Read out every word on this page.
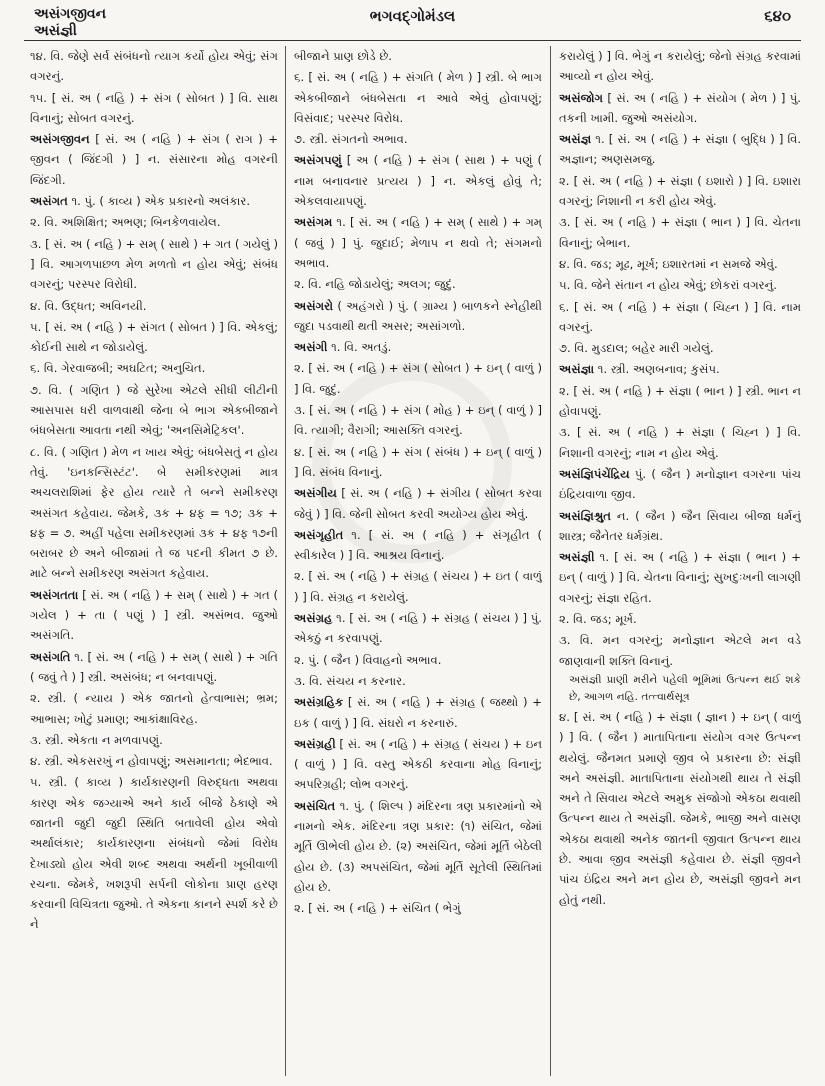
અસંગજીવન
અસંજ્ઞી
ભગવદ્ગોમંડલ	૬૪૦
૧૪. વિ. જેણે સર્વ સંબંધનો ત્યાગ કર્યો હોય એવું; સંગ વગરનું.
૧૫. [ સં. અ ( નહિ ) + સંગ ( સોબત ) ] વિ. સાથ વિનાનું; સોબત વગરનું.
અસંગજીવન [ સં. અ ( નહિ ) + સંગ ( રાગ ) + જીવન ( જિંદગી ) ] ન. સંસારના મોહ વગરની જિંદગી.
અસંગત ૧. પું. ( કાવ્ય ) એક પ્રકારનો અલંકાર.
૨. વિ. અશિક્ષિત; અભણ; બિનકેળવાયેલ.
૩. [ સં. અ ( નહિ ) + સમ્ ( સાથે ) + ગત ( ગયેલું ) ] વિ. આગળપાછળ મેળ મળતો ન હોય એવું; સંબંધ વગરનું; પરસ્પર વિરોધી.
૪. વિ. ઉદ્ધત; અવિનયી.
૫. [ સં. અ ( નહિ ) + સંગત ( સોબત ) ] વિ. એકલું; કોઈની સાથે ન જોડાયેલું.
૬. વિ. ગેરવાજબી; અઘટિત; અનુચિત.
૭. વિ. ( ગણિત ) જે સુરેખા એટલે સીધી લીટીની આસપાસ ધરી વાળવાથી જેના બે ભાગ એકબીજાને બંધબેસતા આવતા નથી એવું; 'અનસિમેટ્રિકલ'.
૮. વિ. ( ગણિત ) મેળ ન ખાય એવું; બંધબેસતું ન હોય તેવું. 'ઇનકન્સિસ્ટંટ'. બે સમીકરણમાં માત્ર અચલરાશિમાં ફેર હોય ત્યારે તે બન્ને સમીકરણ અસંગત કહેવાય. જેમકે, ૩ક + ૪ફ = ૧૭; ૩ક + ૪ફ = ૭. અહીં પહેલા સમીકરણમાં ૩ક + ૪ફ ૧૭ની બરાબર છે અને બીજામાં તે જ પદની કીમત ૭ છે. માટે બન્ને સમીકરણ અસંગત કહેવાય.
અસંગતતા [ સં. અ ( નહિ ) + સમ્ ( સાથે ) + ગત ( ગયેલ ) + તા ( પણું ) ] સ્ત્રી. અસંભવ. જુઓ અસંગતિ.
અસંગતિ ૧. [ સં. અ ( નહિ ) + સમ્ ( સાથે ) + ગતિ ( જવું તે ) ] સ્ત્રી. અસંબંધ; ન બનવાપણું.
૨. સ્ત્રી. ( ન્યાય ) એક જાતનો હેત્વાભાસ; ભ્રમ; આભાસ; ખોટું પ્રમાણ; આકાંક્ષાવિરહ.
૩. સ્ત્રી. એકતા ન મળવાપણું.
૪. સ્ત્રી. એકસરખું ન હોવાપણું; અસમાનતા; ભેદભાવ.
૫. સ્ત્રી. ( કાવ્ય ) કાર્યકારણની વિરુદ્ધતા અથવા કારણ એક જગ્યાએ અને કાર્ય બીજે ઠેકાણે એ જાતની જુદી જુદી સ્થિતિ બતાવેલી હોય એવો અર્થાલંકાર; કાર્યકારણના સંબંધનો જેમાં વિરોધ દેખાડ્યો હોય એવી શબ્દ અથવા અર્થની ખૂબીવાળી રચના. જેમકે, ખશરૂપી સર્પની લોકોના પ્રાણ હરણ કરવાની વિચિત્રતા જુઓ. તે એકના કાનને સ્પર્શ કરે છે ને
બીજાને પ્રાણ છોડે છે.
૬. [ સં. અ ( નહિ ) + સંગતિ ( મેળ ) ] સ્ત્રી. બે ભાગ એકબીજાને બંધબેસતા ન આવે એવું હોવાપણું; વિસંવાદ; પરસ્પર વિરોધ.
૭. સ્ત્રી. સંગતનો અભાવ.
અસંગપણું [ અ ( નહિ ) + સંગ ( સાથ ) + પણું ( નામ બનાવનાર પ્રત્યય ) ] ન. એકલું હોવું તે; એકલવાયાપણું.
અસંગમ ૧. [ સં. અ ( નહિ ) + સમ્ ( સાથે ) + ગમ્ ( જવું ) ] પું. જુદાઈ; મેળાપ ન થવો તે; સંગમનો અભાવ.
૨. વિ. નહિ જોડાયેલું; અલગ; જુદું.
અસંગરો ( અહંગરો ) પું. ( ગ્રામ્ય ) બાળકને સ્નેહીથી જુદા પડવાથી થતી અસર; અસાંગળો.
અસંગી ૧. વિ. અતડું.
૨. [ સં. અ ( નહિ ) + સંગ ( સોબત ) + ઇન્ ( વાળું ) ] વિ. જુદું.
૩. [ સં. અ ( નહિ ) + સંગ ( મોહ ) + ઇન્ ( વાળું ) ] વિ. ત્યાગી; વૈરાગી; આસક્તિ વગરનું.
૪. [ સં. અ ( નહિ ) + સંગ ( સંબંધ ) + ઇન્ ( વાળું ) ] વિ. સંબંધ વિનાનું.
અસંગીય [ સં. અ ( નહિ ) + સંગીય ( સોબત કરવા જેવું ) ] વિ. જેની સોબત કરવી અયોગ્ય હોય એવું.
અસંગૃહીત ૧. [ સં. અ ( નહિ ) + સંગૃહીત ( સ્વીકારેલ ) ] વિ. આશ્રય વિનાનું.
૨. [ સં. અ ( નહિ ) + સંગ્રહ ( સંચય ) + ઇત ( વાળું ) ] વિ. સંગ્રહ ન કરાયેલું.
અસંગ્રહ ૧. [ સં. અ ( નહિ ) + સંગ્રહ ( સંચય ) ] પું. એકઠું ન કરવાપણું.
૨. પું. ( જૈન ) વિવાહનો અભાવ.
૩. વિ. સંચય ન કરનાર.
અસંગ્રહિક [ સં. અ ( નહિ ) + સંગ્રહ ( જથ્થો ) + ઇક ( વાળું ) ] વિ. સંઘરો ન કરનારું.
અસંગ્રહી [ સં. અ ( નહિ ) + સંગ્રહ ( સંચય ) + ઇન ( વાળું ) ] વિ. વસ્તુ એકઠી કરવાના મોહ વિનાનું; અપરિગ્રહી; લોભ વગરનું.
અસંચિત ૧. પું. ( શિલ્પ ) મંદિરના ત્રણ પ્રકારમાંનો એ નામનો એક. મંદિરના ત્રણ પ્રકાર: (૧) સંચિત, જેમાં મૂર્તિ ઊભેલી હોય છે. (૨) અસંચિત, જેમાં મૂર્તિ બેઠેલી હોય છે. (૩) અપસંચિત, જેમાં મૂર્તિ સૂતેલી સ્થિતિમાં હોય છે.
૨. [ સં. અ ( નહિ ) + સંચિત ( ભેગું
કરાયેલું ) ] વિ. ભેગું ન કરાયેલું; જેનો સંગ્રહ કરવામાં આવ્યો ન હોય એવું.
અસંજોગ [ સં. અ ( નહિ ) + સંયોગ ( મેળ ) ] પું. તકની ખામી. જુઓ અસંયોગ.
અસંજ્ઞ ૧. [ સં. અ ( નહિ ) + સંજ્ઞા ( બુદ્ધિ ) ] વિ. અજ્ઞાન; અણસમજુ.
૨. [ સં. અ ( નહિ ) + સંજ્ઞા ( ઇશારો ) ] વિ. ઇશારા વગરનું; નિશાની ન કરી હોય એવું.
૩. [ સં. અ ( નહિ ) + સંજ્ઞા ( ભાન ) ] વિ. ચેતના વિનાનું; બેભાન.
૪. વિ. જડ; મૂઢ, મૂર્ખ; ઇશારતમાં ન સમજે એવું.
૫. વિ. જેને સંતાન ન હોય એવું; છોકરાં વગરનું.
૬. [ સં. અ ( નહિ ) + સંજ્ઞા ( ચિહ્ન ) ] વિ. નામ વગરનું.
૭. વિ. મુડદાલ; બહેર મારી ગયેલું.
અસંજ્ઞા ૧. સ્ત્રી. અણબનાવ; કુસંપ.
૨. [ સં. અ ( નહિ ) + સંજ્ઞા ( ભાન ) ] સ્ત્રી. ભાન ન હોવાપણું.
૩. [ સં. અ ( નહિ ) + સંજ્ઞા ( ચિહ્ન ) ] વિ. નિશાની વગરનું; નામ ન હોય એવું.
અસંજ્ઞિપંચેંદ્રિય પું. ( જૈન ) મનોજ્ઞાન વગરના પાંચ ઇંદ્રિયવાળા જીવ.
અસંજ્ઞિશ્રુત ન. ( જૈન ) જૈન સિવાય બીજા ધર્મનું શાસ્ત્ર; જૈનેતર ધર્મગ્રંથ.
અસંજ્ઞી ૧. [ સં. અ ( નહિ ) + સંજ્ઞા ( ભાન ) + ઇન્ ( વાળું ) ] વિ. ચેતના વિનાનું; સુખદુઃખની લાગણી વગરનું; સંજ્ઞા રહિત.
૨. વિ. જડ; મૂર્ખ.
૩. વિ. મન વગરનું; મનોજ્ઞાન એટલે મન વડે જાણવાની શક્તિ વિનાનું.
અસંજ્ઞી પ્રાણી મરીને પહેલી ભૂમિમાં ઉત્પન્ન થઈ શકે છે, આગળ નહિ. તત્ત્વાર્થસૂત્ર
૪. [ સં. અ ( નહિ ) + સંજ્ઞા ( જ્ઞાન ) + ઇન્ ( વાળું ) ] વિ. ( જૈન ) માતાપિતાના સંયોગ વગર ઉત્પન્ન થયેલું. જૈનમત પ્રમાણે જીવ બે પ્રકારના છે: સંજ્ઞી અને અસંજ્ઞી. માતાપિતાના સંયોગથી થાય તે સંજ્ઞી અને તે સિવાય એટલે અમુક સંજોગો એકઠા થવાથી ઉત્પન્ન થાય તે અસંજ્ઞી. જેમકે, ભાજી અને વાસણ એકઠા થવાથી અનેક જાતની જીવાત ઉત્પન્ન થાય છે. આવા જીવ અસંજ્ઞી કહેવાય છે. સંજ્ઞી જીવને પાંચ ઇંદ્રિય અને મન હોય છે, અસંજ્ઞી જીવને મન હોતું નથી.
